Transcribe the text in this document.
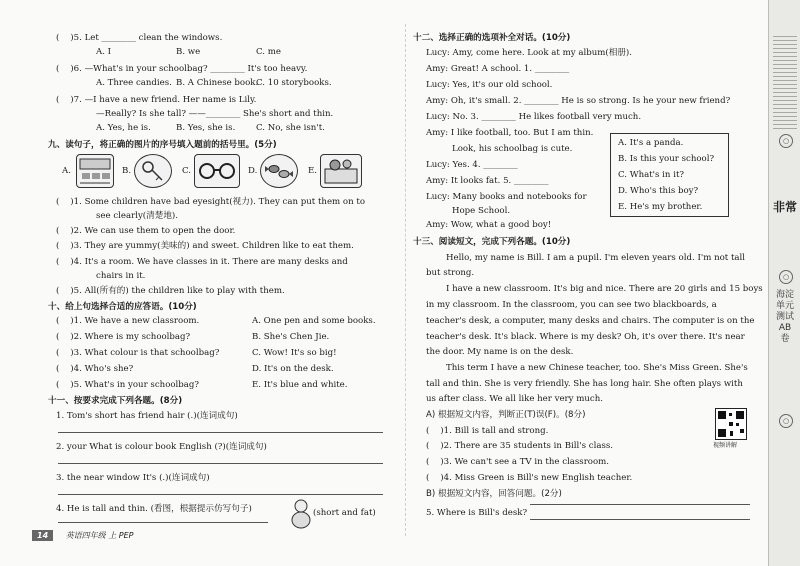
(    )5. Let ________ clean the windows.
A. I	B. we	C. me
(    )6. —What's in your schoolbag? ________ It's too heavy.
A. Three candies. B. A Chinese book.
C. 10 storybooks.
(    )7. —I have a new friend. Her name is Lily.
—Really? Is she tall? ——________ She's short and thin.
A. Yes, he is.	B. Yes, she is. C. No, she isn't.
九、读句子，将正确的图片的序号填入题前的括号里。(5分)
A.	B.	C.	D.	E.
(    )1. Some children have bad eyesight(视力). They can put them on to
see clearly(清楚地).
(    )2. We can use them to open the door.
(    )3. They are yummy(美味的) and sweet. Children like to eat them.
(    )4. It's a room. We have classes in it. There are many desks and
chairs in it.
(    )5. All(所有的) the children like to play with them.
十、给上句选择合适的应答语。(10分)
(    )1. We have a new classroom.	A. One pen and some books.
(    )2. Where is my schoolbag?	B. She's Chen Jie.
(    )3. What colour is that schoolbag?	C. Wow! It's so big!
(    )4. Who's she?	D. It's on the desk.
(    )5. What's in your schoolbag?	E. It's blue and white.
十一、按要求完成下列各题。(8分)
1. Tom's short has friend hair (.)(连词成句)
2. your What is colour book English (?)(连词成句)
3. the near window It's (.)(连词成句)
4. He is tall and thin. (看图，根据提示仿写句子)	(short and fat)
14 英语四年级 上 PEP
十二、选择正确的选项补全对话。(10分)
Lucy: Amy, come here. Look at my album(相册).
Amy: Great! A school. 1. ________
Lucy: Yes, it's our old school.
Amy: Oh, it's small. 2. ________ He is so strong. Is he your new friend?
Lucy: No. 3. ________ He likes football very much.
Amy: I like football, too. But I am thin.
Look, his schoolbag is cute.
Lucy: Yes. 4. ________
Amy: It looks fat. 5. ________
Lucy: Many books and notebooks for
Hope School.
Amy: Wow, what a good boy!
A. It's a panda.
B. Is this your school?
C. What's in it?
D. Who's this boy?
E. He's my brother.
十三、阅读短文，完成下列各题。(10分)
Hello, my name is Bill. I am a pupil. I'm eleven years old. I'm not tall
but strong.
I have a new classroom. It's big and nice. There are 20 girls and 15 boys
in my classroom. In the classroom, you can see two blackboards, a
teacher's desk, a computer, many desks and chairs. The computer is on the
teacher's desk. It's black. Where is my desk? Oh, it's over there. It's near
the door. My name is on the desk.
This term I have a new Chinese teacher, too. She's Miss Green. She's
tall and thin. She is very friendly. She has long hair. She often plays with
us after class. We all like her very much.
A) 根据短文内容，判断正(T)误(F)。(8分)
(    )1. Bill is tall and strong.
(    )2. There are 35 students in Bill's class.
(    )3. We can't see a TV in the classroom.
(    )4. Miss Green is Bill's new English teacher.
B) 根据短文内容，回答问题。(2分)
5. Where is Bill's desk?
视频讲解
○
非常
○
海淀单元测试AB卷
○
